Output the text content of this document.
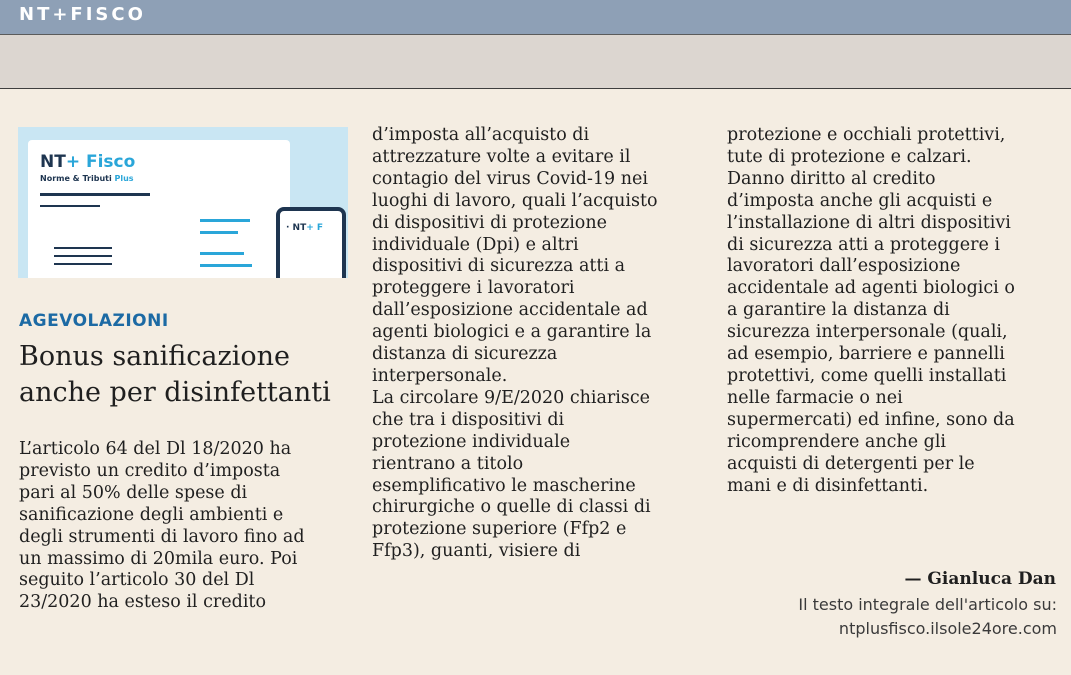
NT+FISCO
NT+ Fisco
Norme & Tributi Plus
· NT+ F
AGEVOLAZIONI
Bonus sanificazione anche per disinfettanti
L’articolo 64 del Dl 18/2020 ha
previsto un credito d’imposta
pari al 50% delle spese di
sanificazione degli ambienti e
degli strumenti di lavoro fino ad
un massimo di 20mila euro. Poi
seguito l’articolo 30 del Dl
23/2020 ha esteso il credito
d’imposta all’acquisto di
attrezzature volte a evitare il
contagio del virus Covid-19 nei
luoghi di lavoro, quali l’acquisto
di dispositivi di protezione
individuale (Dpi) e altri
dispositivi di sicurezza atti a
proteggere i lavoratori
dall’esposizione accidentale ad
agenti biologici e a garantire la
distanza di sicurezza
interpersonale.
La circolare 9/E/2020 chiarisce
che tra i dispositivi di
protezione individuale
rientrano a titolo
esemplificativo le mascherine
chirurgiche o quelle di classi di
protezione superiore (Ffp2 e
Ffp3), guanti, visiere di
protezione e occhiali protettivi,
tute di protezione e calzari.
Danno diritto al credito
d’imposta anche gli acquisti e
l’installazione di altri dispositivi
di sicurezza atti a proteggere i
lavoratori dall’esposizione
accidentale ad agenti biologici o
a garantire la distanza di
sicurezza interpersonale (quali,
ad esempio, barriere e pannelli
protettivi, come quelli installati
nelle farmacie o nei
supermercati) ed infine, sono da
ricomprendere anche gli
acquisti di detergenti per le
mani e di disinfettanti.
— Gianluca Dan
Il testo integrale dell'articolo su:
ntplusfisco.ilsole24ore.com
